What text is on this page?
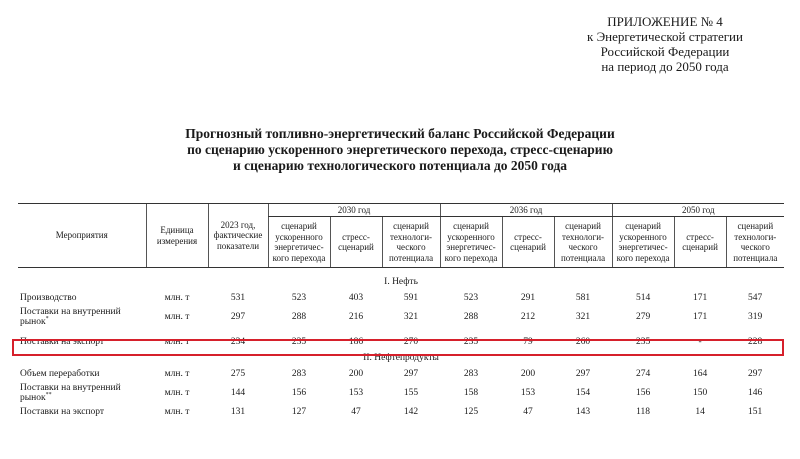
ПРИЛОЖЕНИЕ № 4
к Энергетической стратегии
Российской Федерации
на период до 2050 года
Прогнозный топливно-энергетический баланс Российской Федерации
по сценарию ускоренного энергетического перехода, стресс-сценарию
и сценарию технологического потенциала до 2050 года
Мероприятия	Единица измерения	2023 год, фактические показатели	2030 год			2036 год			2050 год		
			сценарий ускоренного энергетичес-кого перехода	стресс-сценарий	сценарий технологи-ческого потенциала	сценарий ускоренного энергетичес-кого перехода	стресс-сценарий	сценарий технологи-ческого потенциала	сценарий ускоренного энергетичес-кого перехода	стресс-сценарий	сценарий технологи-ческого потенциала

I. Нефть											
Производство	млн. т	531	523	403	591	523	291	581	514	171	547
Поставки на внутренний рынок*	млн. т	297	288	216	321	288	212	321	279	171	319

Поставки на экспорт	млн. т	234	235	186	270	235	79	260	235	-	228
II. Нефтепродукты											
Объем переработки	млн. т	275	283	200	297	283	200	297	274	164	297
Поставки на внутренний рынок**	млн. т	144	156	153	155	158	153	154	156	150	146
Поставки на экспорт	млн. т	131	127	47	142	125	47	143	118	14	151
